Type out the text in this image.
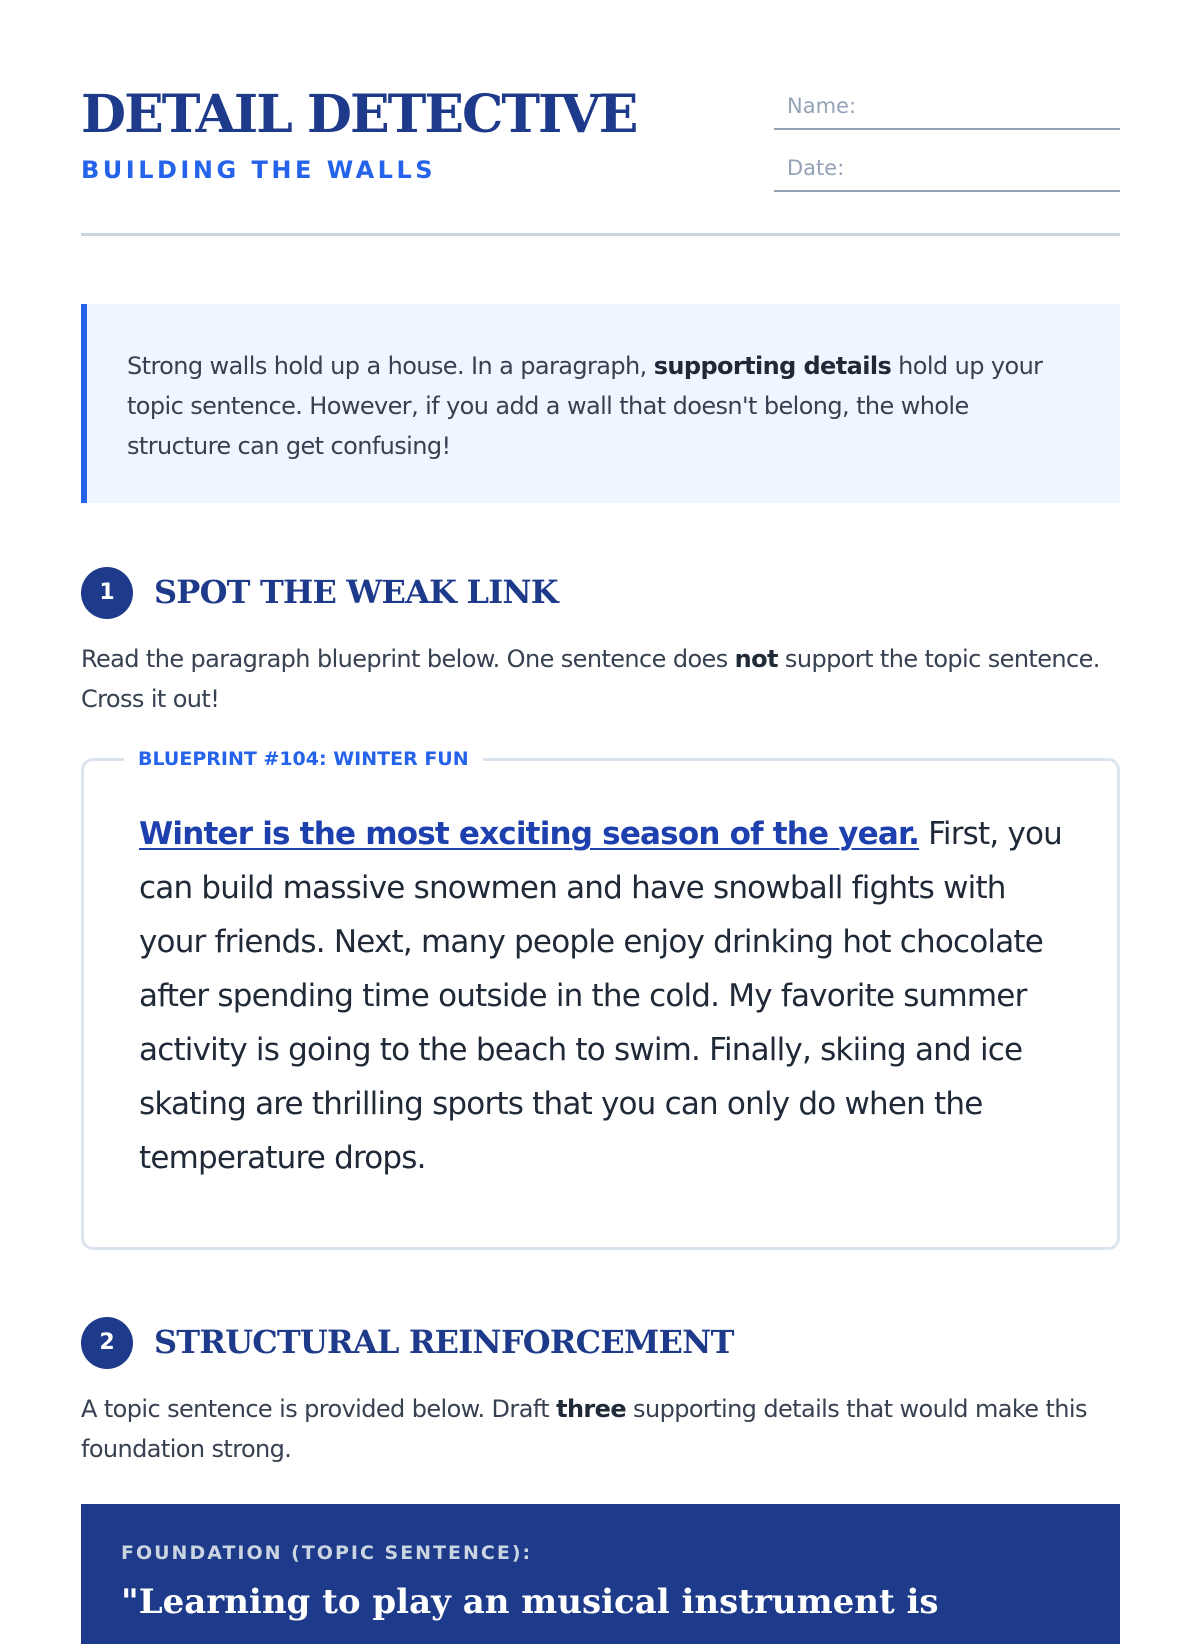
DETAIL DETECTIVE
BUILDING THE WALLS
Name:
Date:
Strong walls hold up a house. In a paragraph, supporting details hold up your topic sentence. However, if you add a wall that doesn't belong, the whole structure can get confusing!
1	SPOT THE WEAK LINK
Read the paragraph blueprint below. One sentence does not support the topic sentence. Cross it out!
BLUEPRINT #104: WINTER FUN
Winter is the most exciting season of the year. First, you can build massive snowmen and have snowball fights with your friends. Next, many people enjoy drinking hot chocolate after spending time outside in the cold. My favorite summer activity is going to the beach to swim. Finally, skiing and ice skating are thrilling sports that you can only do when the temperature drops.
2	STRUCTURAL REINFORCEMENT
A topic sentence is provided below. Draft three supporting details that would make this foundation strong.
FOUNDATION (TOPIC SENTENCE):
"Learning to play an musical instrument is
